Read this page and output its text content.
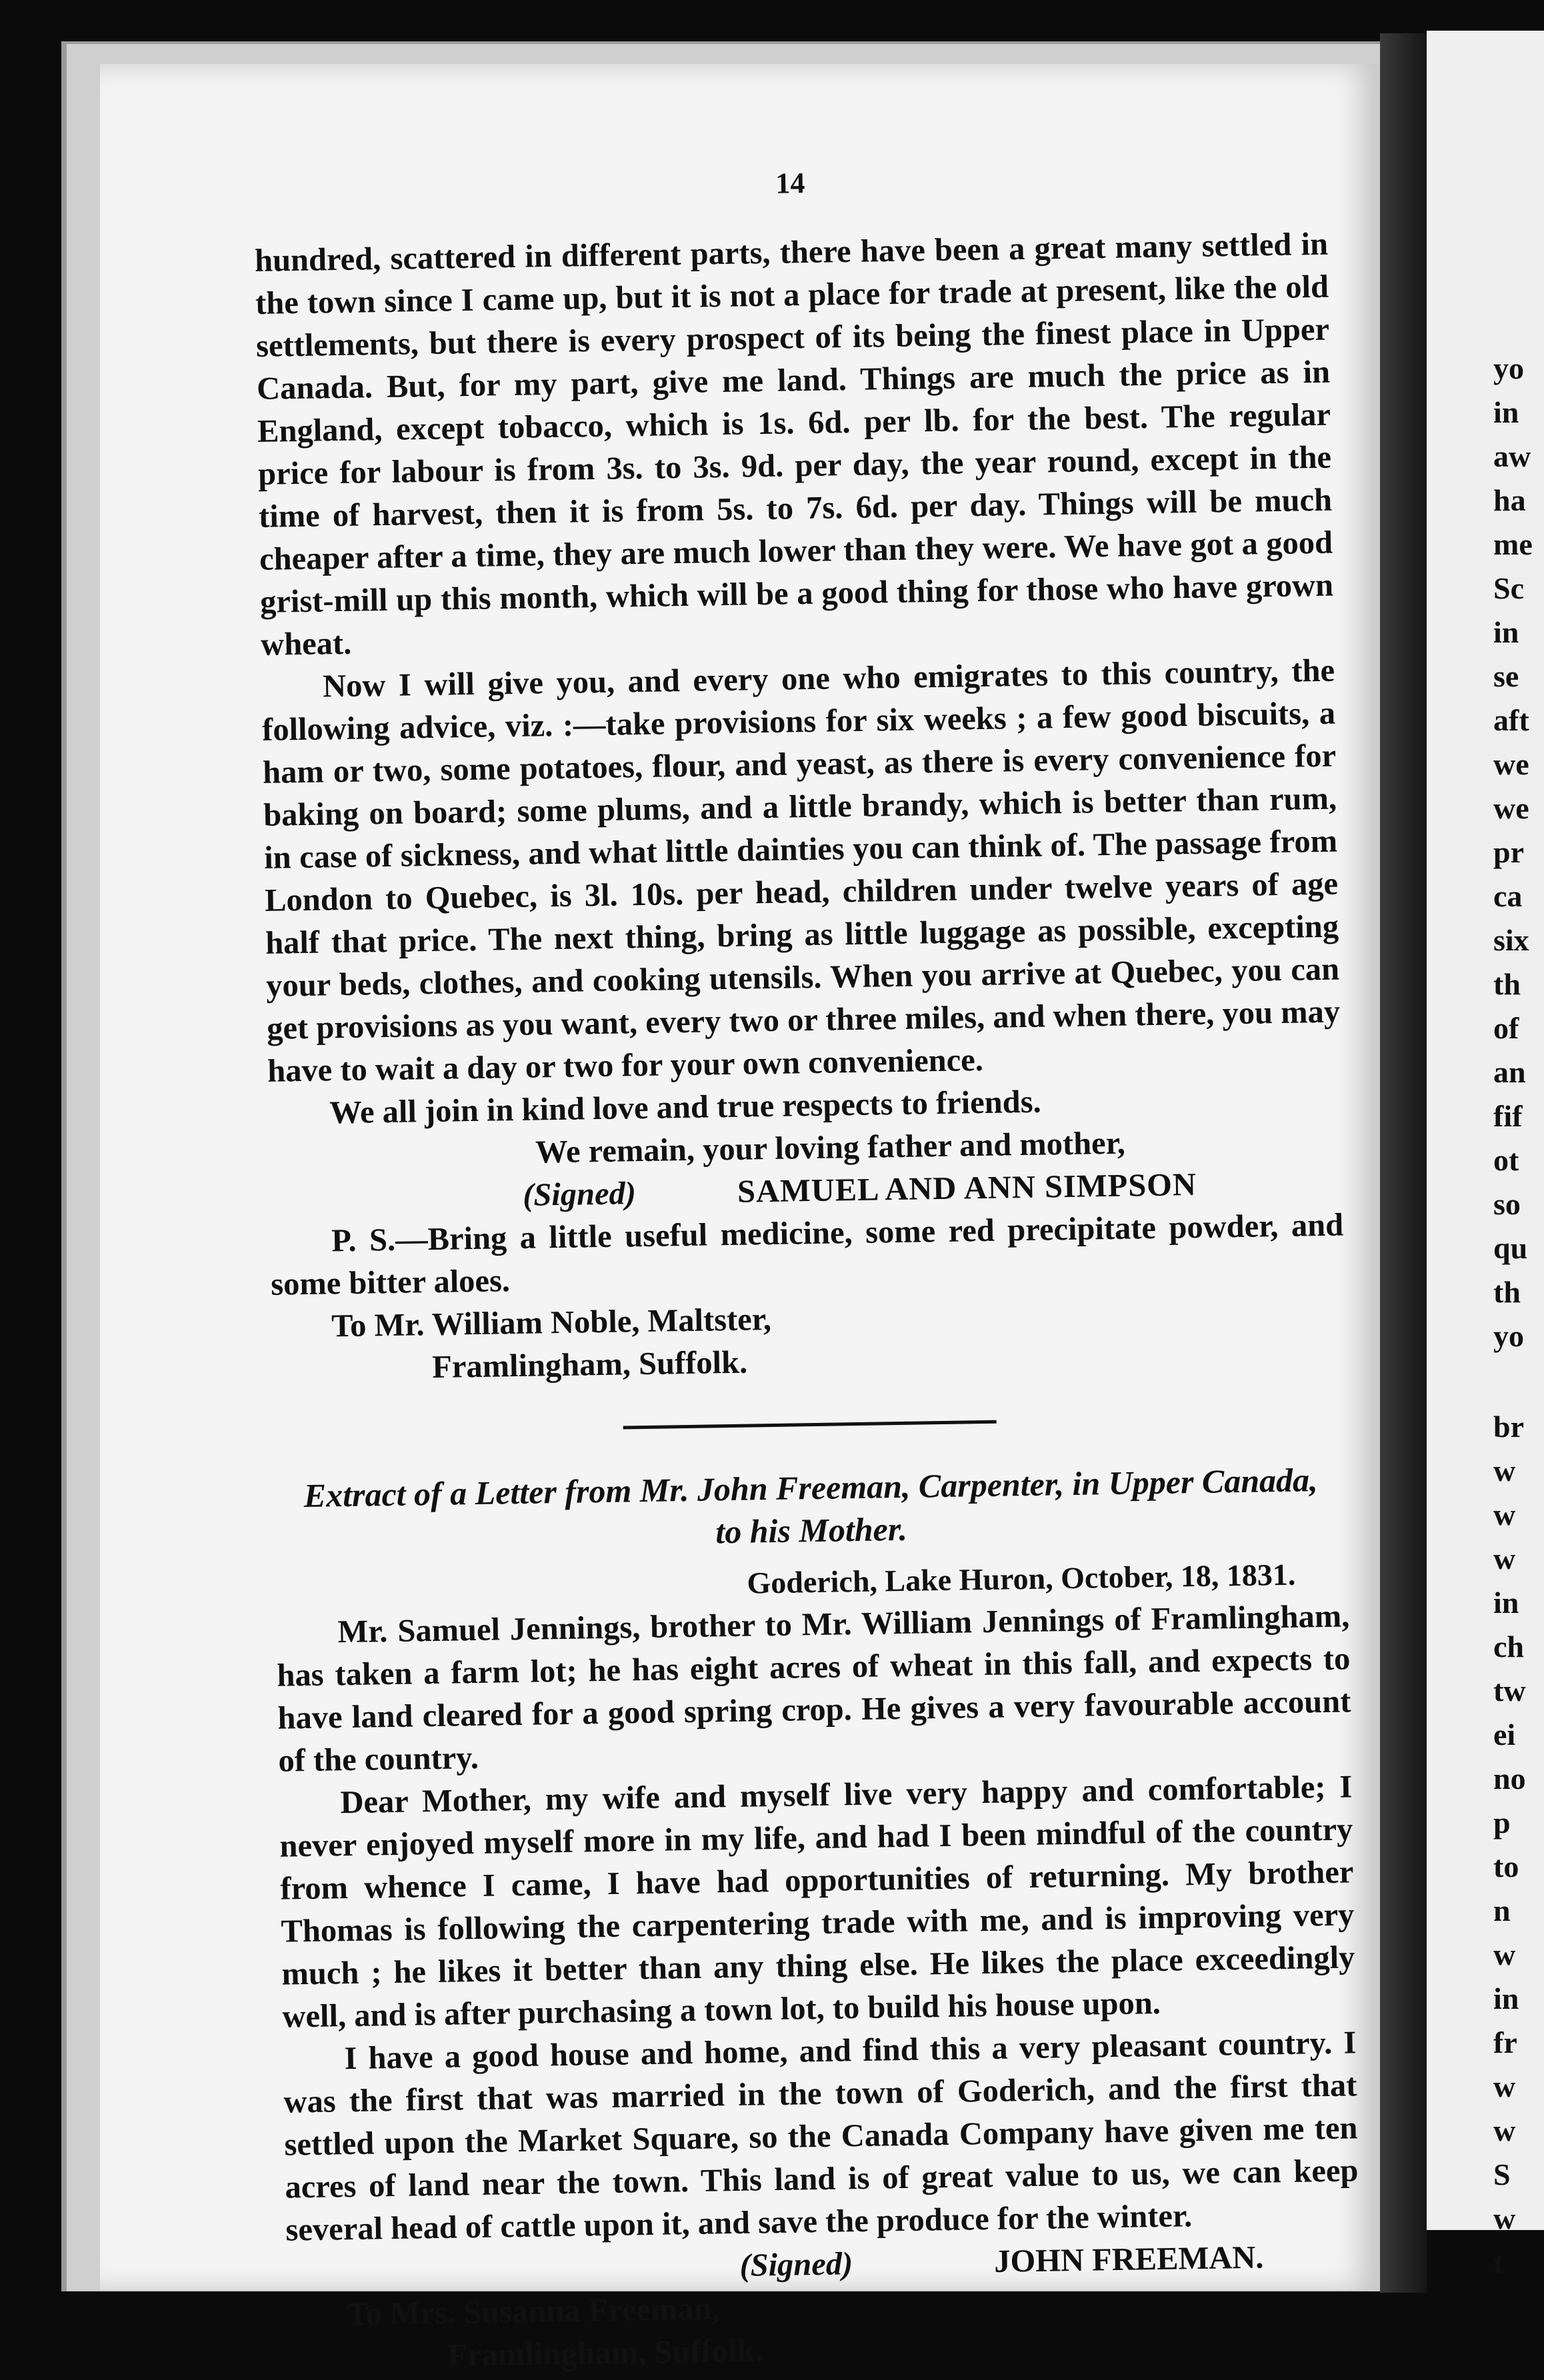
14

hundred, scattered in different parts, there have been a great many settled in the town since I came up, but it is not a place for trade at present, like the old settlements, but there is every prospect of its being the finest place in Upper Canada. But, for my part, give me land. Things are much the price as in England, except tobacco, which is 1s. 6d. per lb. for the best. The regular price for labour is from 3s. to 3s. 9d. per day, the year round, except in the time of harvest, then it is from 5s. to 7s. 6d. per day. Things will be much cheaper after a time, they are much lower than they were. We have got a good grist-mill up this month, which will be a good thing for those who have grown wheat.

Now I will give you, and every one who emigrates to this country, the following advice, viz. :—take provisions for six weeks ; a few good biscuits, a ham or two, some potatoes, flour, and yeast, as there is every convenience for baking on board; some plums, and a little brandy, which is better than rum, in case of sickness, and what little dainties you can think of. The passage from London to Quebec, is 3l. 10s. per head, children under twelve years of age half that price. The next thing, bring as little luggage as possible, excepting your beds, clothes, and cooking utensils. When you arrive at Quebec, you can get provisions as you want, every two or three miles, and when there, you may have to wait a day or two for your own convenience.

We all join in kind love and true respects to friends.

We remain, your loving father and mother,
(Signed)	SAMUEL AND ANN SIMPSON

P. S.—Bring a little useful medicine, some red precipitate powder, and some bitter aloes.

To Mr. William Noble, Maltster,
Framlingham, Suffolk.
Extract of a Letter from Mr. John Freeman, Carpenter, in Upper Canada,
to his Mother.
Goderich, Lake Huron, October, 18, 1831.

Mr. Samuel Jennings, brother to Mr. William Jennings of Framlingham, has taken a farm lot; he has eight acres of wheat in this fall, and expects to have land cleared for a good spring crop. He gives a very favourable account of the country.

Dear Mother, my wife and myself live very happy and comfortable; I never enjoyed myself more in my life, and had I been mindful of the country from whence I came, I have had opportunities of returning. My brother Thomas is following the carpentering trade with me, and is improving very much ; he likes it better than any thing else. He likes the place exceedingly well, and is after purchasing a town lot, to build his house upon.

I have a good house and home, and find this a very pleasant country. I was the first that was married in the town of Goderich, and the first that settled upon the Market Square, so the Canada Company have given me ten acres of land near the town. This land is of great value to us, we can keep several head of cattle upon it, and save the produce for the winter.

(Signed)	JOHN FREEMAN.
To Mrs. Susanna Freeman,
Framlingham, Suffolk.
yo
in
aw
ha
me
Sc
in
se
aft
we
we
pr
ca
six
th
of
an
fif
ot
so
qu
th
yo
br
w
w
w
in
ch
tw
ei
no
p
to
n
w
in
fr
w
w
S
w
t
